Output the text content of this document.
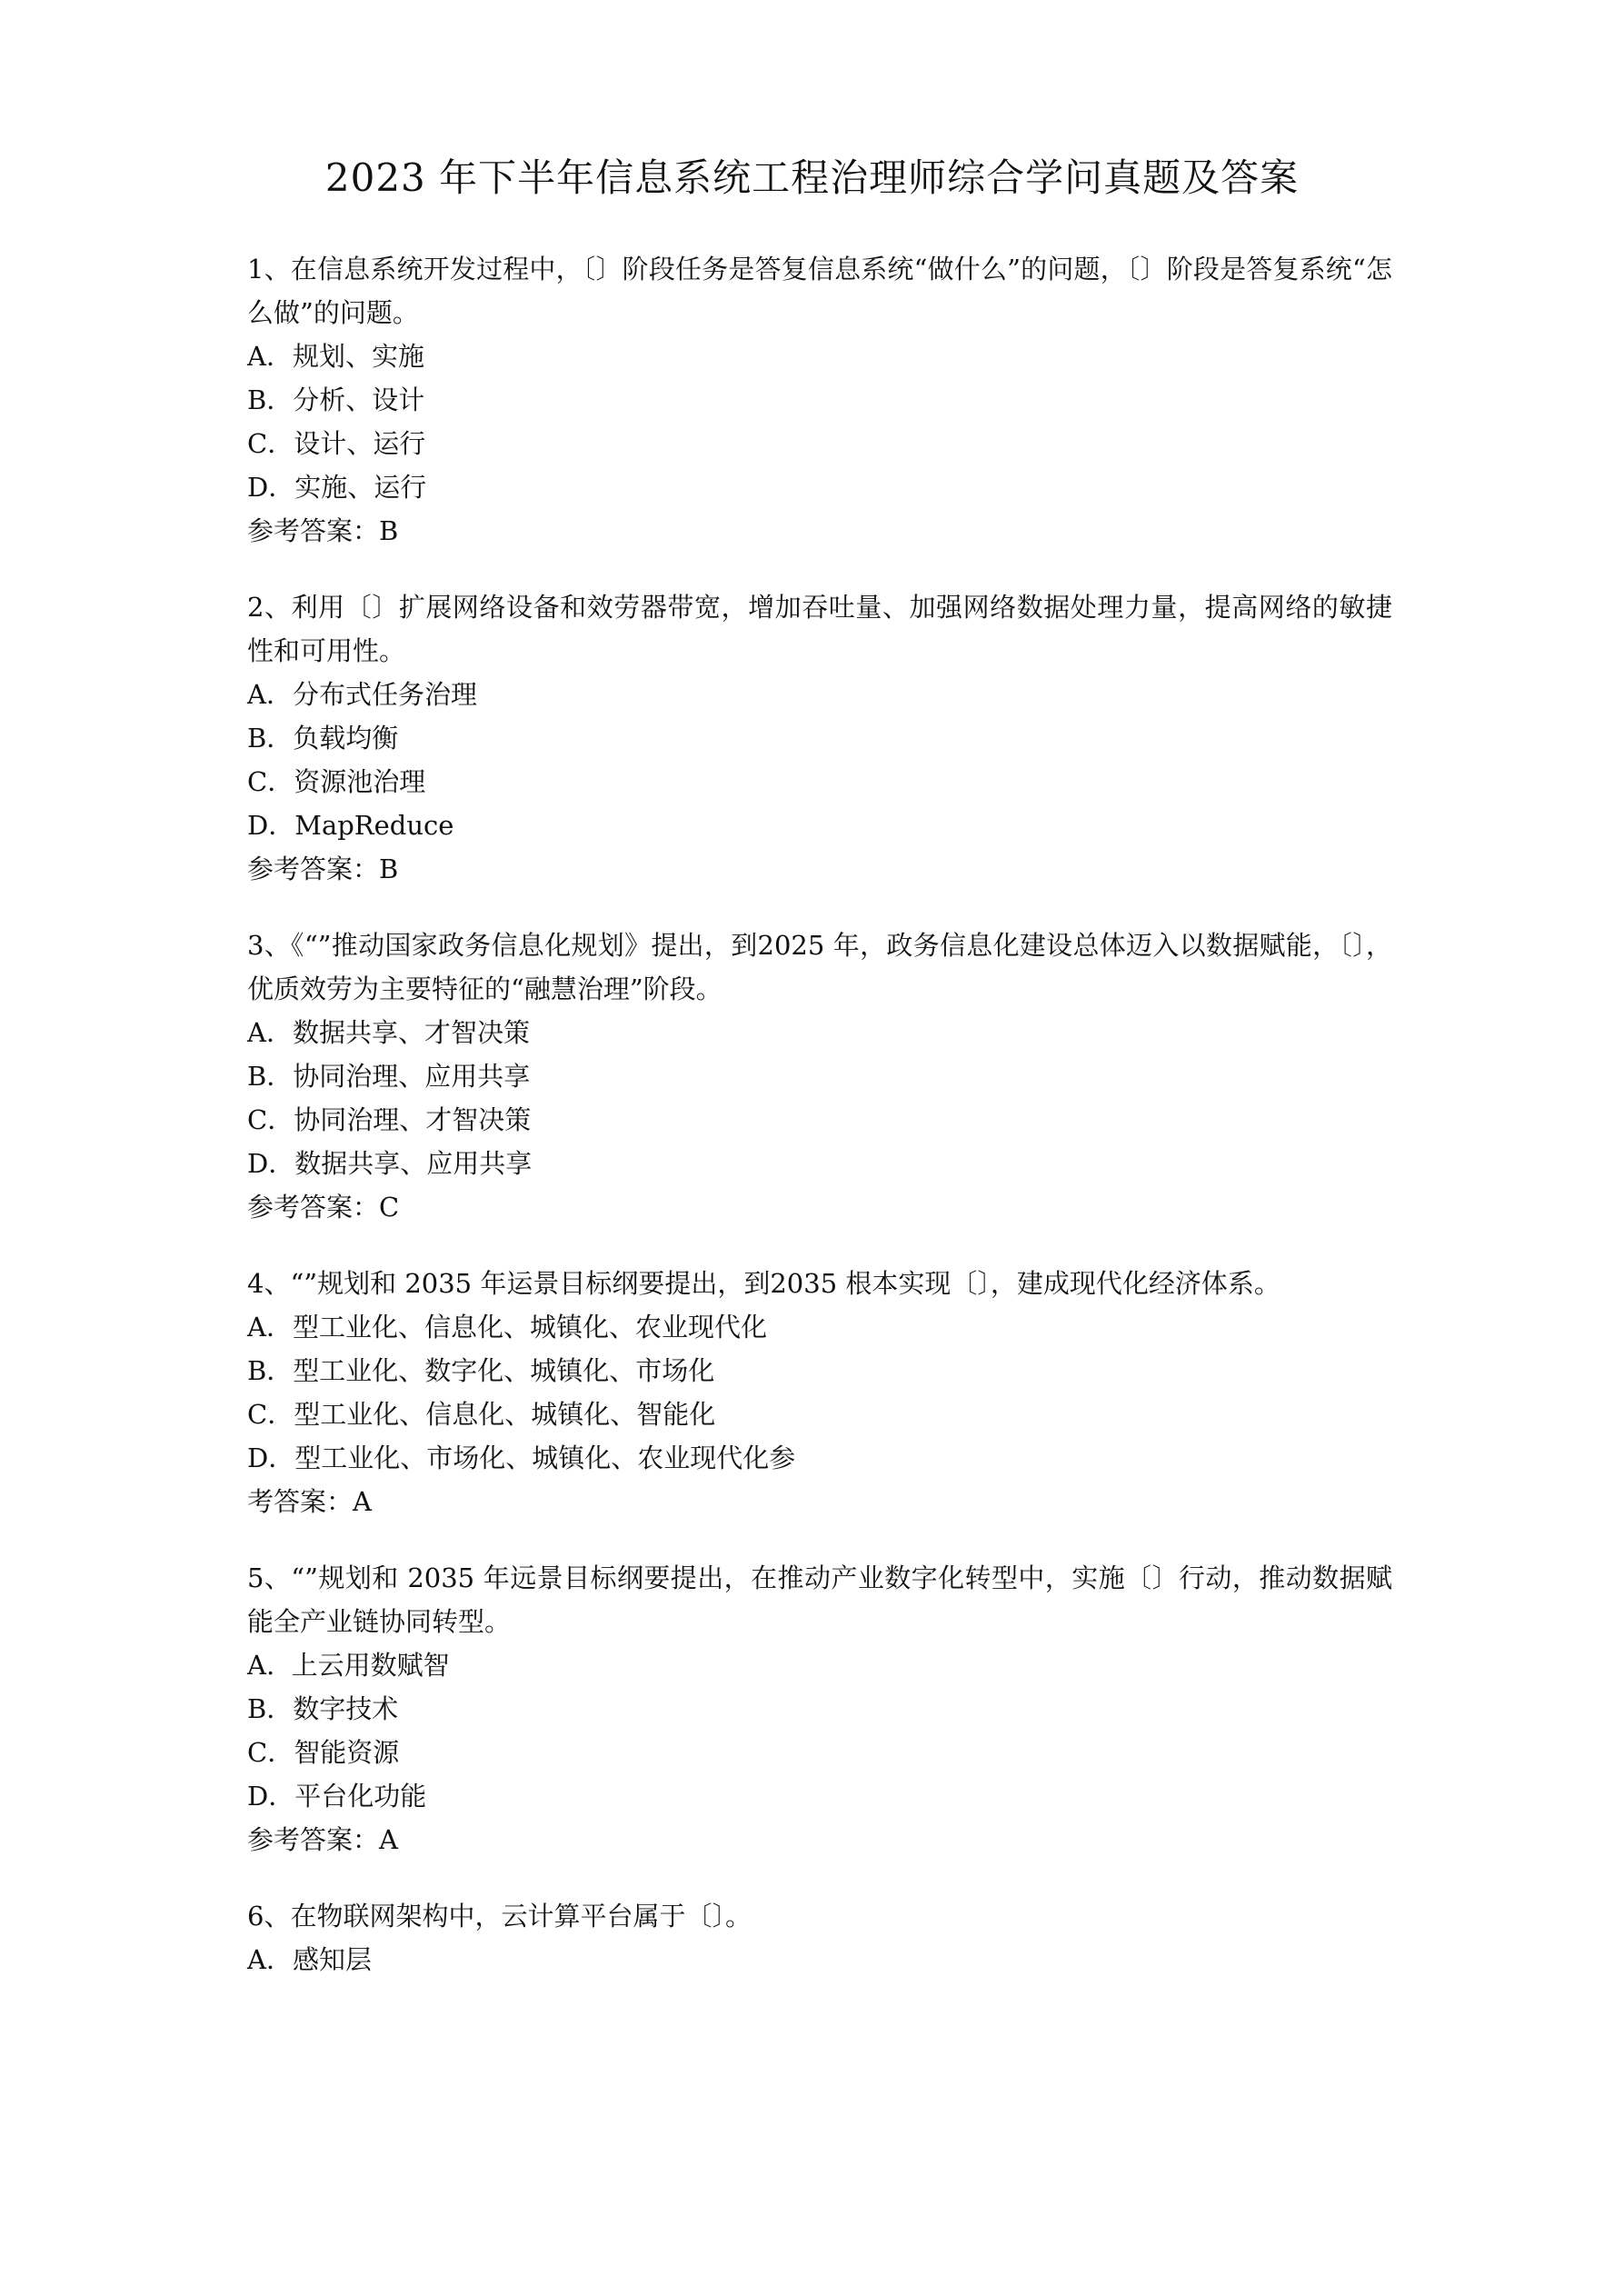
2023 年下半年信息系统工程治理师综合学问真题及答案

1、在信息系统开发过程中，〔〕阶段任务是答复信息系统“做什么”的问题，〔〕阶段是答复系统“怎么做”的问题。

A．规划、实施

B．分析、设计

C．设计、运行

D．实施、运行

参考答案：B

2、利用〔〕扩展网络设备和效劳器带宽，增加吞吐量、加强网络数据处理力量，提高网络的敏捷性和可用性。

A．分布式任务治理

B．负载均衡

C．资源池治理

D．MapReduce

参考答案：B

3、《“”推动国家政务信息化规划》提出，到2025 年，政务信息化建设总体迈入以数据赋能，〔〕，优质效劳为主要特征的“融慧治理”阶段。

A．数据共享、才智决策

B．协同治理、应用共享

C．协同治理、才智决策

D．数据共享、应用共享

参考答案：C

4、“”规划和 2035 年运景目标纲要提出，到2035 根本实现〔〕，建成现代化经济体系。

A．型工业化、信息化、城镇化、农业现代化

B．型工业化、数字化、城镇化、市场化

C．型工业化、信息化、城镇化、智能化

D．型工业化、市场化、城镇化、农业现代化参

考答案：A

5、“”规划和 2035 年远景目标纲要提出，在推动产业数字化转型中，实施〔〕行动，推动数据赋能全产业链协同转型。

A.  上云用数赋智

B．数字技术

C．智能资源

D．平台化功能

参考答案：A

6、在物联网架构中，云计算平台属于〔〕。

A．感知层
